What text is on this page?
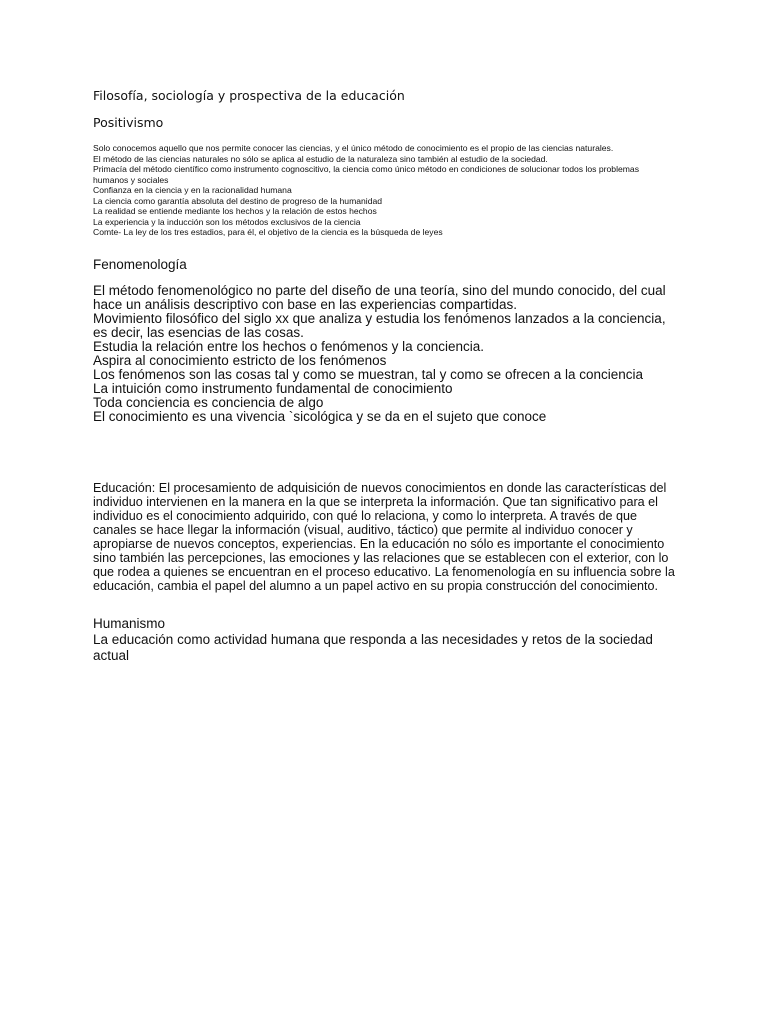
Filosofía, sociología y prospectiva de la educación
Positivismo
Solo conocemos aquello que nos permite conocer las ciencias, y el único método de conocimiento es el propio de las ciencias naturales.
El método de las ciencias naturales no sólo se aplica al estudio de la naturaleza sino también al estudio de la sociedad.
Primacía del método científico como instrumento cognoscitivo, la ciencia como único método en condiciones de solucionar todos los problemas humanos y sociales
Confianza en la ciencia y en la racionalidad humana
La ciencia como garantía absoluta del destino de progreso de la humanidad
La realidad se entiende mediante los hechos y la relación de estos hechos
La experiencia y la inducción son los métodos exclusivos de la ciencia
Comte- La ley de los tres estadios, para él, el objetivo de la ciencia es la búsqueda de leyes
Fenomenología
El método fenomenológico no parte del diseño de una teoría, sino del mundo conocido, del cual hace un análisis descriptivo con base en las experiencias compartidas.
Movimiento filosófico del siglo xx que analiza y estudia los fenómenos lanzados a la conciencia, es decir, las esencias de las cosas.
Estudia la relación entre los hechos o fenómenos y la conciencia.
Aspira al conocimiento estricto de los fenómenos
Los fenómenos son las cosas tal y como se muestran, tal y como se ofrecen a la conciencia
La intuición como instrumento fundamental de conocimiento
Toda conciencia es conciencia de algo
El conocimiento es una vivencia `sicológica y se da en el sujeto que conoce
Educación: El procesamiento de adquisición de nuevos conocimientos en donde las características del individuo intervienen en la manera en la que se interpreta la información. Que tan significativo para el individuo es el conocimiento adquirido, con qué lo relaciona, y como lo interpreta. A través de que canales se hace llegar la información (visual, auditivo, táctico) que permite al individuo conocer y apropiarse de nuevos conceptos, experiencias. En la educación no sólo es importante el conocimiento sino también las percepciones, las emociones y las relaciones que se establecen con el exterior, con lo que rodea a quienes se encuentran en el proceso educativo. La fenomenología en su influencia sobre la educación, cambia el papel del alumno a un papel activo en su propia construcción del conocimiento.
Humanismo
La educación como actividad humana que responda a las necesidades y retos de la sociedad actual
